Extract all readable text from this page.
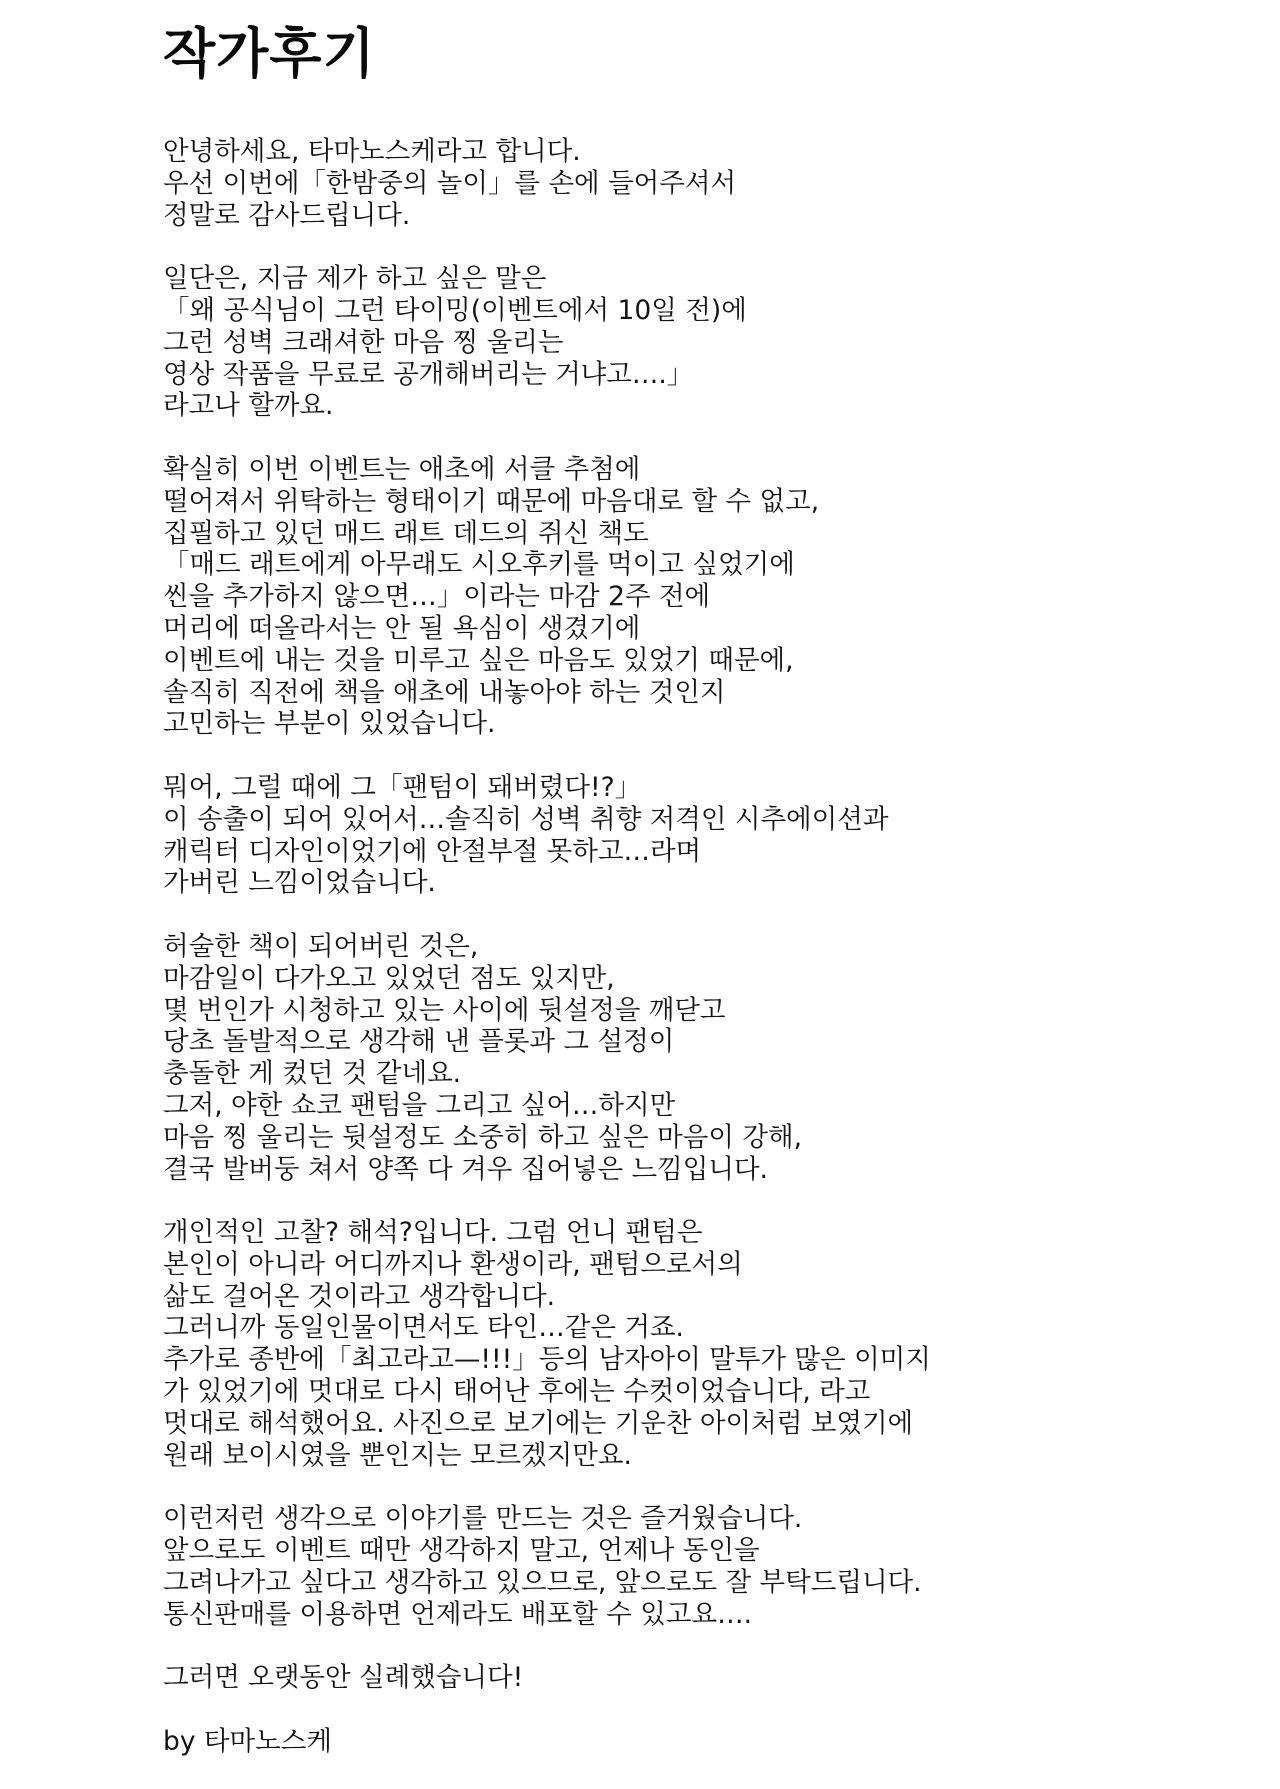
작가후기
안녕하세요, 타마노스케라고 합니다.
우선 이번에「한밤중의 놀이」를 손에 들어주셔서
정말로 감사드립니다.
일단은, 지금 제가 하고 싶은 말은
「왜 공식님이 그런 타이밍(이벤트에서 10일 전)에
그런 성벽 크래셔한 마음 찡 울리는
영상 작품을 무료로 공개해버리는 거냐고….」
라고나 할까요.
확실히 이번 이벤트는 애초에 서클 추첨에
떨어져서 위탁하는 형태이기 때문에 마음대로 할 수 없고,
집필하고 있던 매드 래트 데드의 쥐신 책도
「매드 래트에게 아무래도 시오후키를 먹이고 싶었기에
씬을 추가하지 않으면…」이라는 마감 2주 전에
머리에 떠올라서는 안 될 욕심이 생겼기에
이벤트에 내는 것을 미루고 싶은 마음도 있었기 때문에,
솔직히 직전에 책을 애초에 내놓아야 하는 것인지
고민하는 부분이 있었습니다.
뭐어, 그럴 때에 그「팬텀이 돼버렸다!?」
이 송출이 되어 있어서…솔직히 성벽 취향 저격인 시추에이션과
캐릭터 디자인이었기에 안절부절 못하고…라며
가버린 느낌이었습니다.
허술한 책이 되어버린 것은,
마감일이 다가오고 있었던 점도 있지만,
몇 번인가 시청하고 있는 사이에 뒷설정을 깨닫고
당초 돌발적으로 생각해 낸 플롯과 그 설정이
충돌한 게 컸던 것 같네요.
그저, 야한 쇼코 팬텀을 그리고 싶어…하지만
마음 찡 울리는 뒷설정도 소중히 하고 싶은 마음이 강해,
결국 발버둥 쳐서 양쪽 다 겨우 집어넣은 느낌입니다.
개인적인 고찰? 해석?입니다. 그럼 언니 팬텀은
본인이 아니라 어디까지나 환생이라, 팬텀으로서의
삶도 걸어온 것이라고 생각합니다.
그러니까 동일인물이면서도 타인…같은 거죠.
추가로 종반에「최고라고—!!!」등의 남자아이 말투가 많은 이미지
가 있었기에 멋대로 다시 태어난 후에는 수컷이었습니다, 라고
멋대로 해석했어요. 사진으로 보기에는 기운찬 아이처럼 보였기에
원래 보이시였을 뿐인지는 모르겠지만요.
이런저런 생각으로 이야기를 만드는 것은 즐거웠습니다.
앞으로도 이벤트 때만 생각하지 말고, 언제나 동인을
그려나가고 싶다고 생각하고 있으므로, 앞으로도 잘 부탁드립니다.
통신판매를 이용하면 언제라도 배포할 수 있고요….
그러면 오랫동안 실례했습니다!
by 타마노스케
